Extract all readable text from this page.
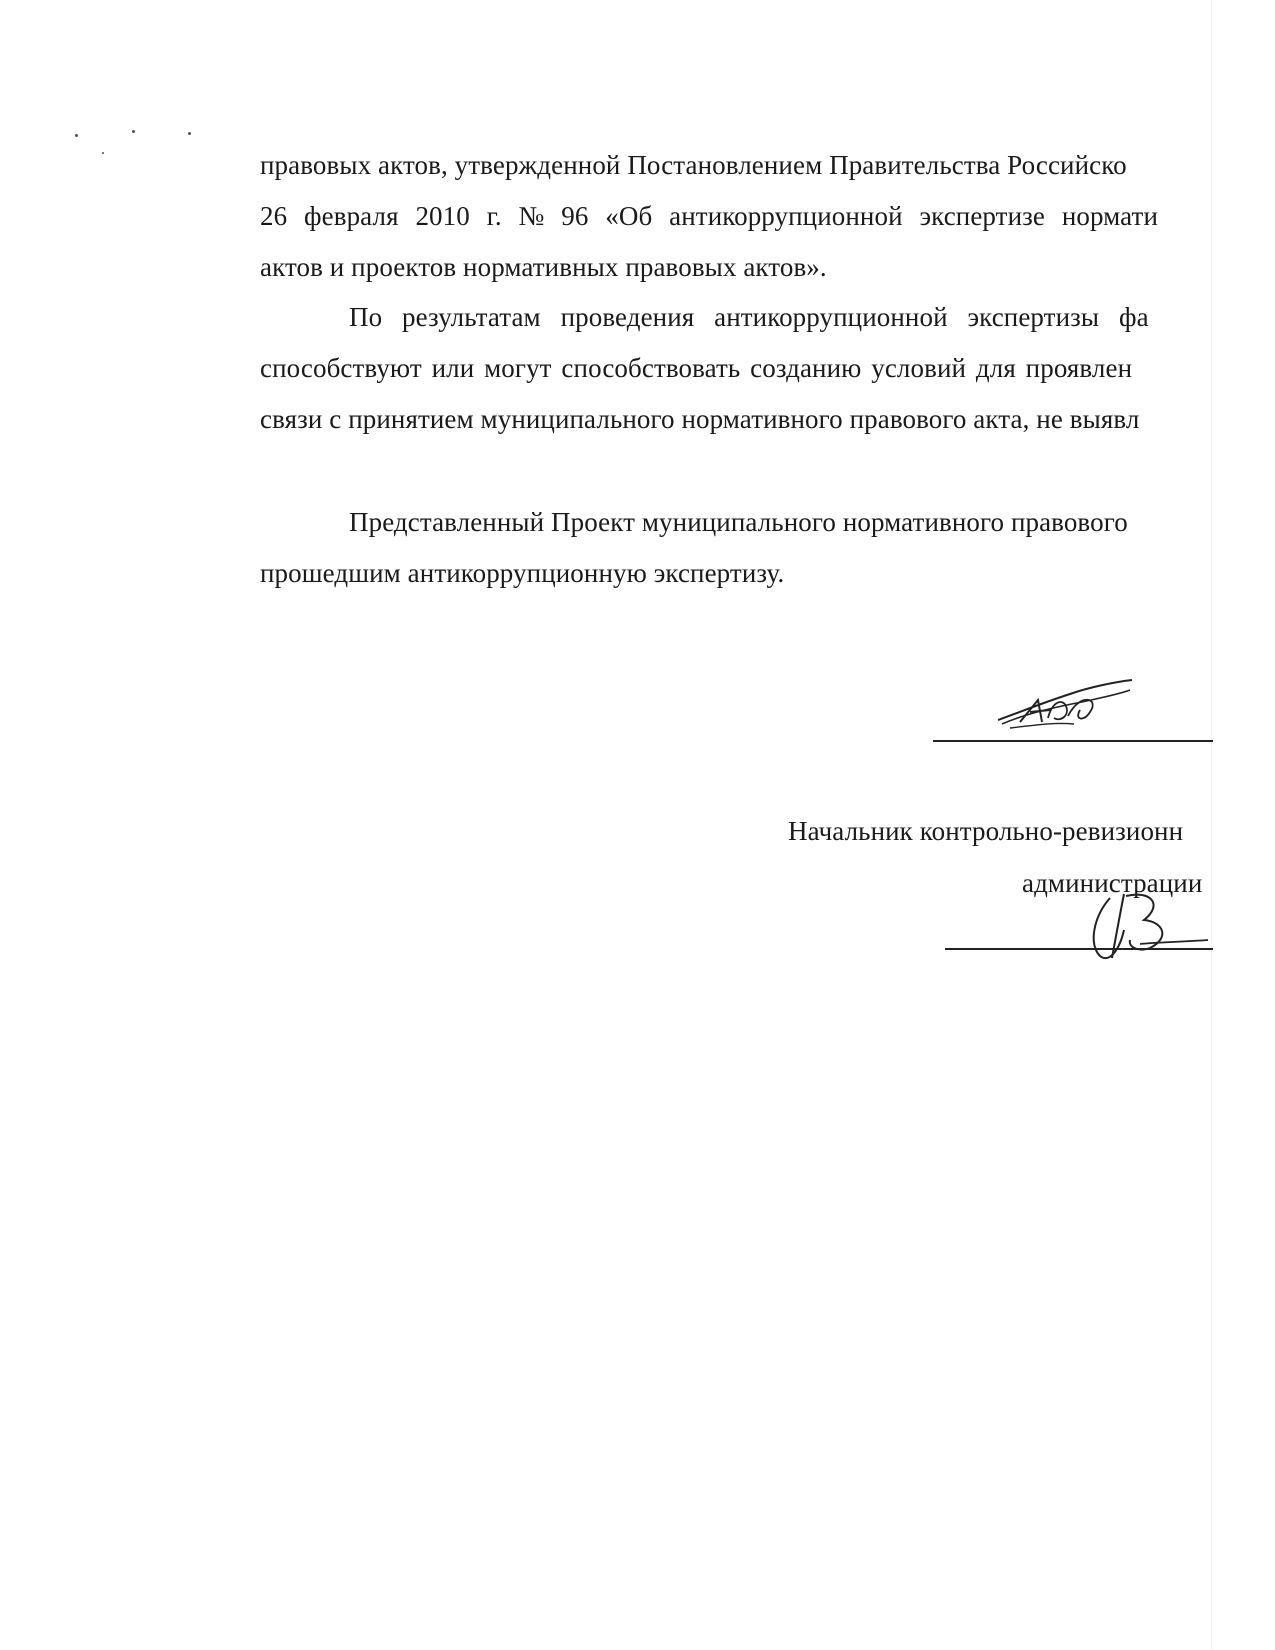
правовых актов, утвержденной Постановлением Правительства Российско
26 февраля 2010 г. № 96 «Об антикоррупционной экспертизе нормати
актов и проектов нормативных правовых актов».
По результатам проведения антикоррупционной экспертизы фа
способствуют или могут способствовать созданию условий для проявлен
связи с принятием муниципального нормативного правового акта, не выявл
Представленный Проект муниципального нормативного правового
прошедшим антикоррупционную экспертизу.
Начальник контрольно-ревизионн
администрации
